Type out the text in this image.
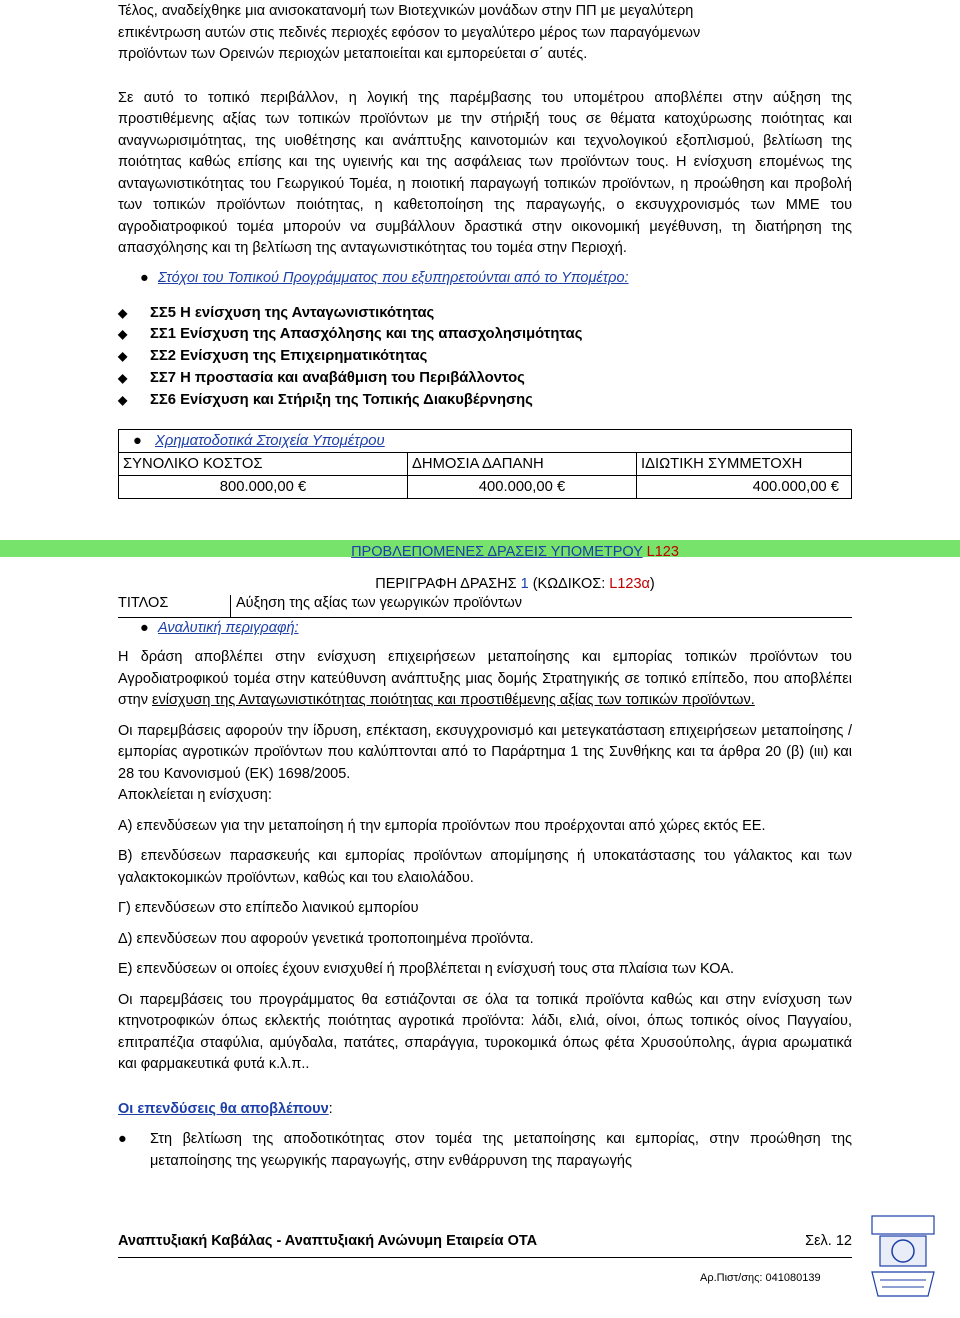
Τέλος, αναδείχθηκε μια ανισοκατανομή των Βιοτεχνικών μονάδων στην ΠΠ με μεγαλύτερη

επικέντρωση αυτών στις πεδινές περιοχές εφόσον το μεγαλύτερο μέρος των παραγόμενων

προϊόντων των Ορεινών περιοχών μεταποιείται και εμπορεύεται σ΄ αυτές.

Σε αυτό το τοπικό περιβάλλον, η λογική της παρέμβασης του υπομέτρου αποβλέπει στην αύξηση της προστιθέμενης αξίας των τοπικών προϊόντων με την στήριξή τους σε θέματα κατοχύρωσης ποιότητας και αναγνωρισιμότητας, της υιοθέτησης και ανάπτυξης καινοτομιών και τεχνολογικού εξοπλισμού, βελτίωση της ποιότητας καθώς επίσης και της υγιεινής και της ασφάλειας των προϊόντων τους. Η ενίσχυση επομένως της ανταγωνιστικότητας του Γεωργικού Τομέα, η ποιοτική παραγωγή τοπικών προϊόντων, η προώθηση και προβολή των τοπικών προϊόντων ποιότητας, η καθετοποίηση της παραγωγής, ο εκσυγχρονισμός των ΜΜΕ του αγροδιατροφικού τομέα μπορούν να συμβάλλουν δραστικά στην οικονομική μεγέθυνση, τη διατήρηση της απασχόλησης και τη βελτίωση της ανταγωνιστικότητας του τομέα στην Περιοχή.

● Στόχοι του Τοπικού Προγράμματος που εξυπηρετούνται από το Υπομέτρο:

◆ ΣΣ5 Η ενίσχυση της Ανταγωνιστικότητας
◆ ΣΣ1 Ενίσχυση της Απασχόλησης και της απασχολησιμότητας
◆ ΣΣ2 Ενίσχυση της Επιχειρηματικότητας
◆ ΣΣ7 Η προστασία και αναβάθμιση του Περιβάλλοντος
◆ ΣΣ6 Ενίσχυση και Στήριξη της Τοπικής Διακυβέρνησης
● Χρηματοδοτικά Στοιχεία Υπομέτρου		
ΣΥΝΟΛΙΚΟ ΚΟΣΤΟΣ	ΔΗΜΟΣΙΑ ΔΑΠΑΝΗ	ΙΔΙΩΤΙΚΗ ΣΥΜΜΕΤΟΧΗ
800.000,00 €	400.000,00 €	400.000,00 €

ΠΡΟΒΛΕΠΟΜΕΝΕΣ ΔΡΑΣΕΙΣ ΥΠΟΜΕΤΡΟΥ L123

ΠΕΡΙΓΡΑΦΗ ΔΡΑΣΗΣ 1 (ΚΩΔΙΚΟΣ: L123α)

ΤΙΤΛΟΣ	Αύξηση της αξίας των γεωργικών προϊόντων

● Αναλυτική περιγραφή:

Η δράση αποβλέπει στην ενίσχυση επιχειρήσεων μεταποίησης και εμπορίας τοπικών προϊόντων του Αγροδιατροφικού τομέα στην κατεύθυνση ανάπτυξης μιας δομής Στρατηγικής σε τοπικό επίπεδο, που αποβλέπει στην ενίσχυση της Ανταγωνιστικότητας ποιότητας και προστιθέμενης αξίας των τοπικών προϊόντων.

Οι παρεμβάσεις αφορούν την ίδρυση, επέκταση, εκσυγχρονισμό και μετεγκατάσταση επιχειρήσεων μεταποίησης / εμπορίας αγροτικών προϊόντων που καλύπτονται από το Παράρτημα 1 της Συνθήκης και τα άρθρα 20 (β) (ιιι) και 28 του Κανονισμού (ΕΚ) 1698/2005.

Αποκλείεται η ενίσχυση:

Α) επενδύσεων για την μεταποίηση ή την εμπορία προϊόντων που προέρχονται από χώρες εκτός ΕΕ.

Β) επενδύσεων παρασκευής και εμπορίας προϊόντων απομίμησης ή υποκατάστασης του γάλακτος και των γαλακτοκομικών προϊόντων, καθώς και του ελαιολάδου.

Γ) επενδύσεων στο επίπεδο λιανικού εμπορίου

Δ) επενδύσεων που αφορούν γενετικά τροποποιημένα προϊόντα.

Ε) επενδύσεων οι οποίες έχουν ενισχυθεί ή προβλέπεται η ενίσχυσή τους στα πλαίσια των ΚΟΑ.

Οι παρεμβάσεις του προγράμματος θα εστιάζονται σε όλα τα τοπικά προϊόντα καθώς και στην ενίσχυση των κτηνοτροφικών όπως εκλεκτής ποιότητας αγροτικά προϊόντα: λάδι, ελιά, οίνοι, όπως τοπικός οίνος Παγγαίου, επιτραπέζια σταφύλια, αμύγδαλα, πατάτες, σπαράγγια, τυροκομικά όπως φέτα Χρυσούπολης, άγρια αρωματικά και φαρμακευτικά φυτά κ.λ.π..

Οι επενδύσεις θα αποβλέπουν:

● Στη βελτίωση της αποδοτικότητας στον τομέα της μεταποίησης και εμπορίας, στην προώθηση της μεταποίησης της γεωργικής παραγωγής, στην ενθάρρυνση της παραγωγής

Αναπτυξιακή Καβάλας - Αναπτυξιακή Ανώνυμη Εταιρεία ΟΤΑ	Σελ. 12
Αρ.Πιστ/σης: 041080139
